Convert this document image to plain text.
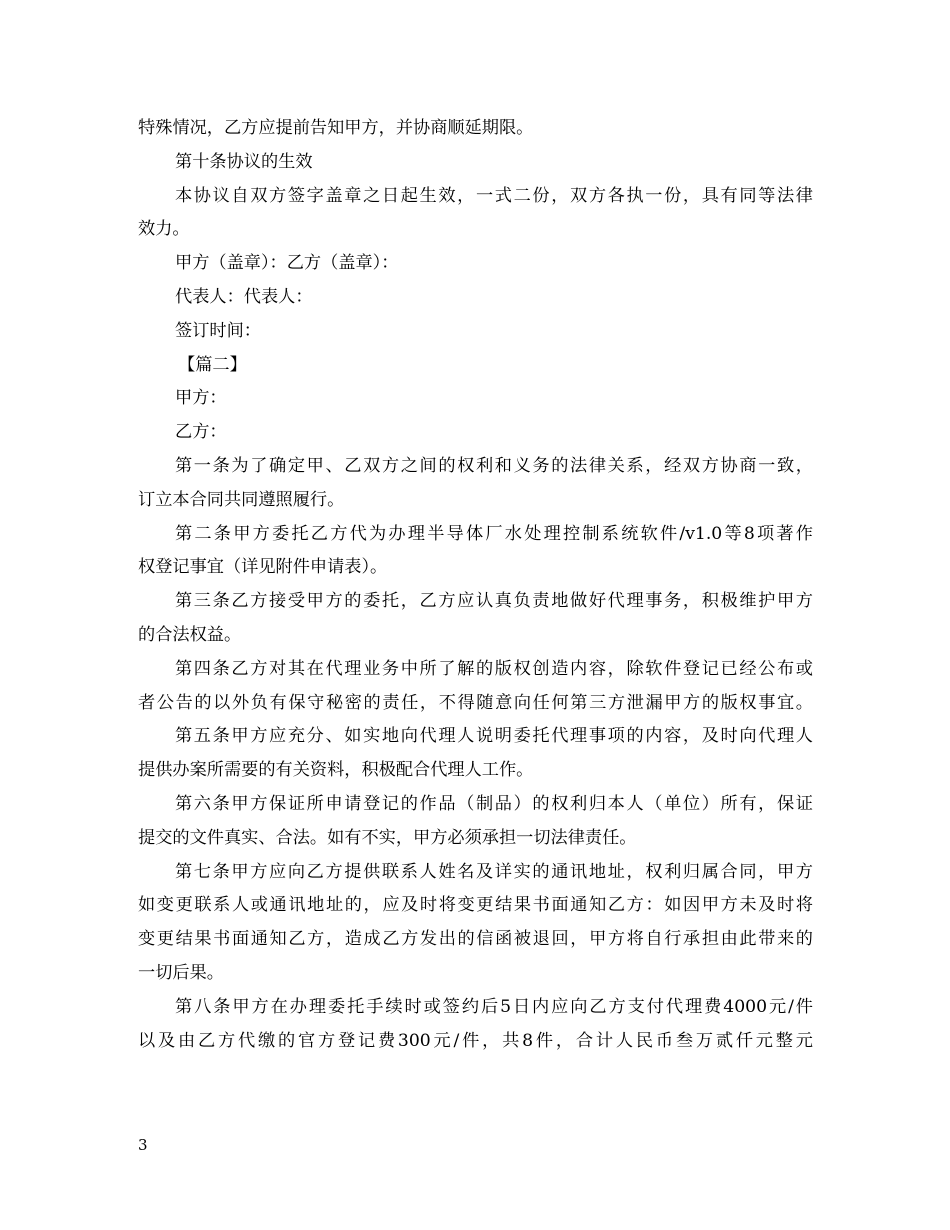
特殊情况，乙方应提前告知甲方，并协商顺延期限。
第十条协议的生效
本协议自双方签字盖章之日起生效，一式二份，双方各执一份，具有同等法律
效力。
甲方（盖章）：乙方（盖章）：
代表人：代表人：
签订时间：
【篇二】
甲方：
乙方：
第一条为了确定甲、乙双方之间的权利和义务的法律关系，经双方协商一致，
订立本合同共同遵照履行。
第二条甲方委托乙方代为办理半导体厂水处理控制系统软件/v1.0等8项著作
权登记事宜（详见附件申请表）。
第三条乙方接受甲方的委托，乙方应认真负责地做好代理事务，积极维护甲方
的合法权益。
第四条乙方对其在代理业务中所了解的版权创造内容，除软件登记已经公布或
者公告的以外负有保守秘密的责任，不得随意向任何第三方泄漏甲方的版权事宜。
第五条甲方应充分、如实地向代理人说明委托代理事项的内容，及时向代理人
提供办案所需要的有关资料，积极配合代理人工作。
第六条甲方保证所申请登记的作品（制品）的权利归本人（单位）所有，保证
提交的文件真实、合法。如有不实，甲方必须承担一切法律责任。
第七条甲方应向乙方提供联系人姓名及详实的通讯地址，权利归属合同，甲方
如变更联系人或通讯地址的，应及时将变更结果书面通知乙方：如因甲方未及时将
变更结果书面通知乙方，造成乙方发出的信函被退回，甲方将自行承担由此带来的
一切后果。
第八条甲方在办理委托手续时或签约后5日内应向乙方支付代理费4000元/件
以及由乙方代缴的官方登记费300元/件，共8件，合计人民币叁万贰仟元整元
3
